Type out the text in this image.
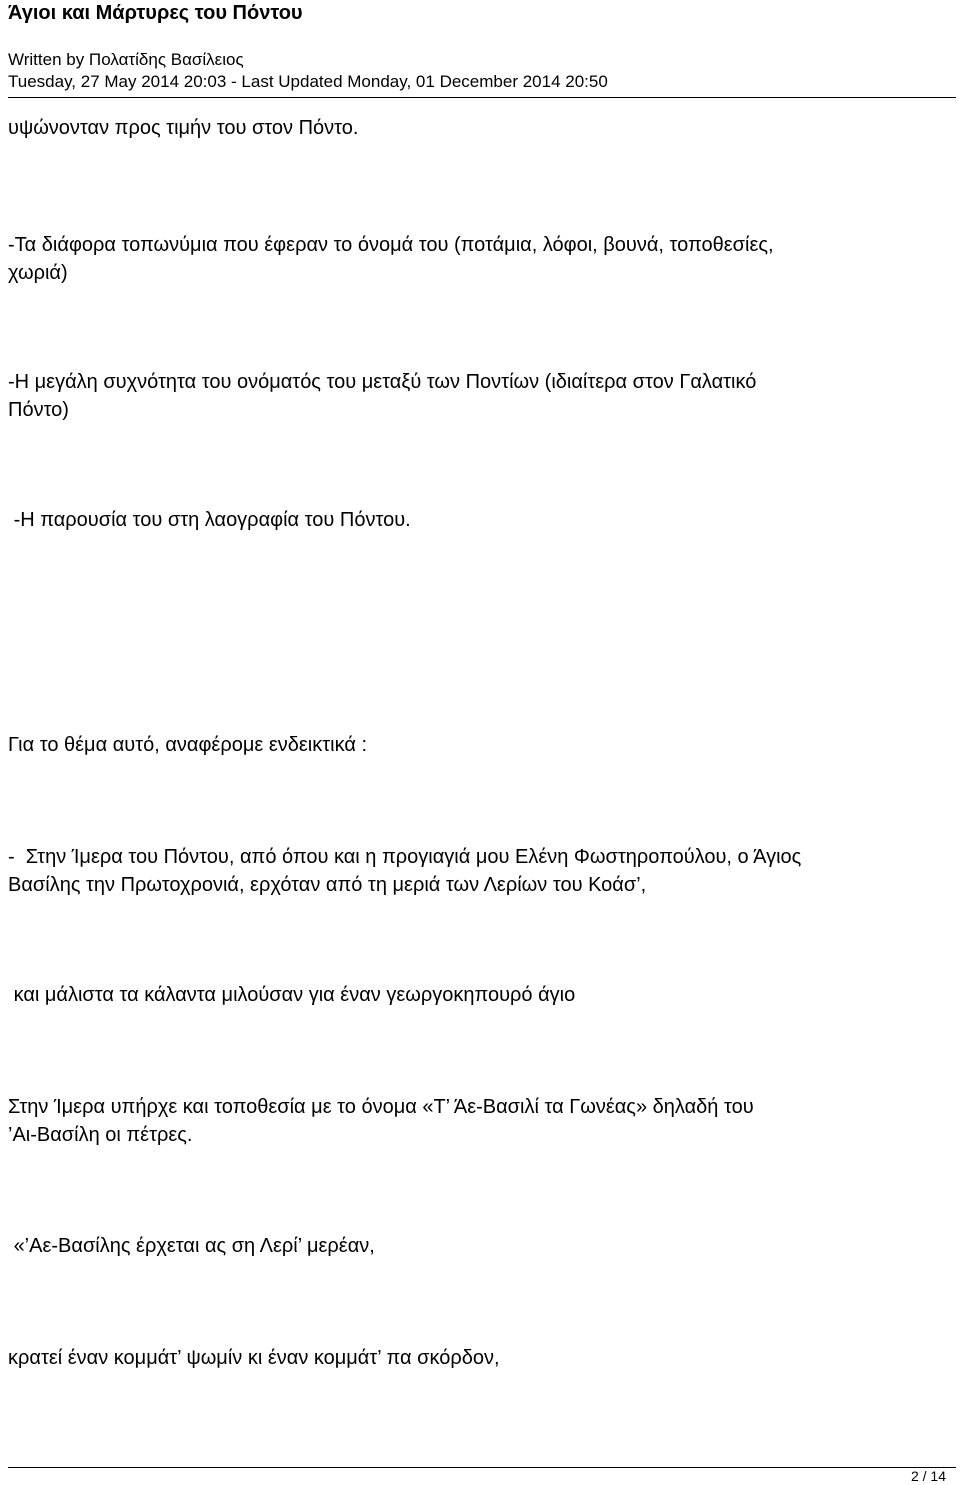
Άγιοι και Μάρτυρες του Πόντου
Written by Πολατίδης Βασίλειος
Tuesday, 27 May 2014 20:03 - Last Updated Monday, 01 December 2014 20:50
υψώνονταν προς τιμήν του στον Πόντο.
-Τα διάφορα τοπωνύμια που έφεραν το όνομά του (ποτάμια, λόφοι, βουνά, τοποθεσίες,
χωριά)
-Η μεγάλη συχνότητα του ονόματός του μεταξύ των Ποντίων (ιδιαίτερα στον Γαλατικό
Πόντο)
-Η παρουσία του στη λαογραφία του Πόντου.
Για το θέμα αυτό, αναφέρομε ενδεικτικά :
-  Στην Ίμερα του Πόντου, από όπου και η προγιαγιά μου Ελένη Φωστηροπούλου, ο Άγιος
Βασίλης την Πρωτοχρονιά, ερχόταν από τη μεριά των Λερίων του Κοάσ’,
και μάλιστα τα κάλαντα μιλούσαν για έναν γεωργοκηπουρό άγιο
Στην Ίμερα υπήρχε και τοποθεσία με το όνομα «Τ’ Άε-Βασιλί τα Γωνέας» δηλαδή του
’Αι-Βασίλη οι πέτρες.
«’Αε-Βασίλης έρχεται ας ση Λερί’ μερέαν,
κρατεί έναν κομμάτ’ ψωμίν κι έναν κομμάτ’ πα σκόρδον,
2 / 14
